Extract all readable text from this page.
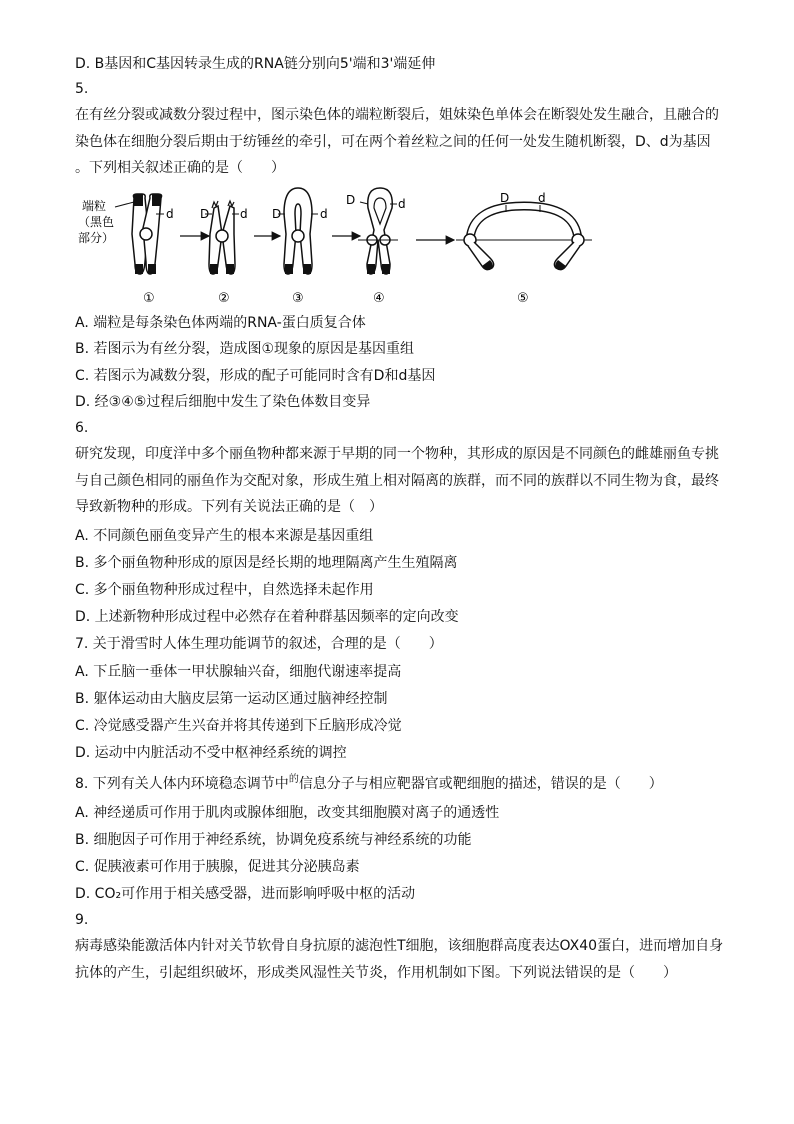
D. B基因和C基因转录生成的RNA链分别向5'端和3'端延伸
5.
在有丝分裂或减数分裂过程中，图示染色体的端粒断裂后，姐妹染色单体会在断裂处发生融合，且融合的
染色体在细胞分裂后期由于纺锤丝的牵引，可在两个着丝粒之间的任何一处发生随机断裂，D、d为基因
。下列相关叙述正确的是（　　）
端粒
（黑色
部分）
d
①
D	d
②
D	d
③
D	d
④
D d
⑤
A. 端粒是每条染色体两端的RNA-蛋白质复合体
B. 若图示为有丝分裂，造成图①现象的原因是基因重组
C. 若图示为减数分裂，形成的配子可能同时含有D和d基因
D. 经③④⑤过程后细胞中发生了染色体数目变异
6.
研究发现，印度洋中多个丽鱼物种都来源于早期的同一个物种，其形成的原因是不同颜色的雌雄丽鱼专挑
与自己颜色相同的丽鱼作为交配对象，形成生殖上相对隔离的族群，而不同的族群以不同生物为食，最终
导致新物种的形成。下列有关说法正确的是（　）
A. 不同颜色丽鱼变异产生的根本来源是基因重组
B. 多个丽鱼物种形成的原因是经长期的地理隔离产生生殖隔离
C. 多个丽鱼物种形成过程中，自然选择未起作用
D. 上述新物种形成过程中必然存在着种群基因频率的定向改变
7. 关于滑雪时人体生理功能调节的叙述，合理的是（　　）
A. 下丘脑一垂体一甲状腺轴兴奋，细胞代谢速率提高
B. 躯体运动由大脑皮层第一运动区通过脑神经控制
C. 冷觉感受器产生兴奋并将其传递到下丘脑形成冷觉
D. 运动中内脏活动不受中枢神经系统的调控
8. 下列有关人体内环境稳态调节中$^的$信息分子与相应靶器官或靶细胞的描述，错误的是（　　）
A. 神经递质可作用于肌肉或腺体细胞，改变其细胞膜对离子的通透性
B. 细胞因子可作用于神经系统，协调免疫系统与神经系统的功能
C. 促胰液素可作用于胰腺，促进其分泌胰岛素
D. CO₂可作用于相关感受器，进而影响呼吸中枢的活动
9.
病毒感染能激活体内针对关节软骨自身抗原的滤泡性T细胞，该细胞群高度表达OX40蛋白，进而增加自身
抗体的产生，引起组织破坏，形成类风湿性关节炎，作用机制如下图。下列说法错误的是（　　）
